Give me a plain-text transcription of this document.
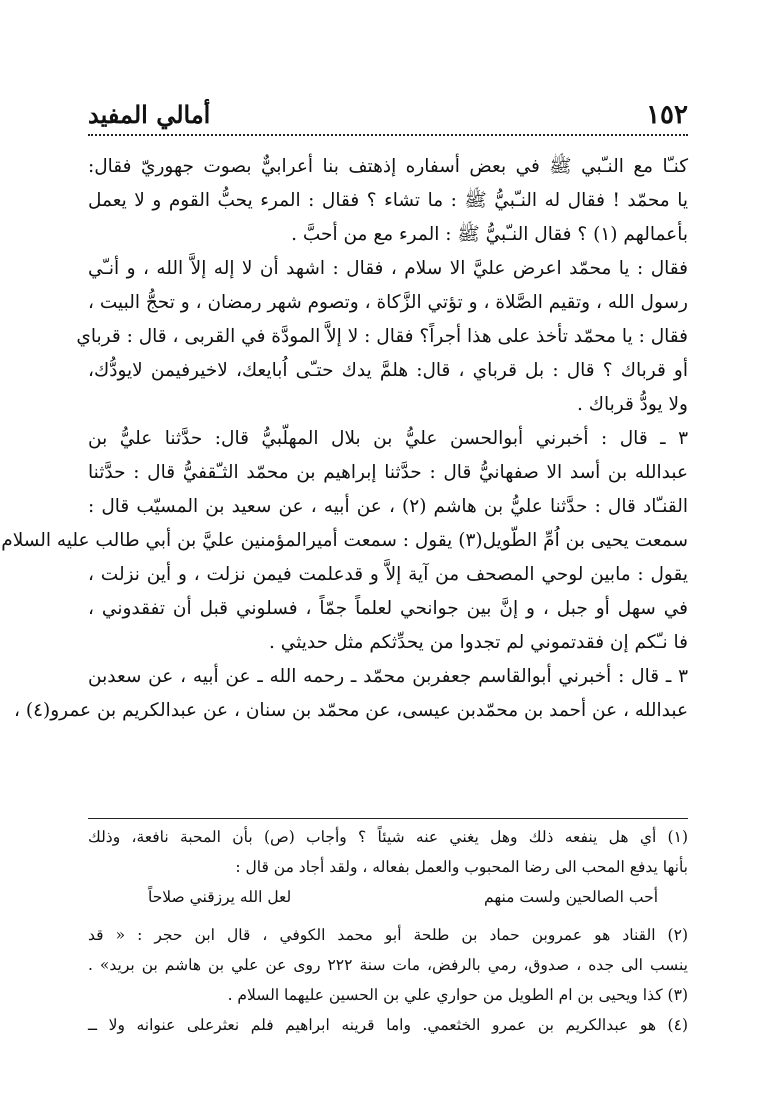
١٥٢
أمالي المفيد
كنـّا مع النـّبي ﷺ في بعض أسفاره إذهتف بنا أعرابيٌّ بصوت جهوريّ فقال:
يا محمّد ! فقال له النـّبيُّ ﷺ : ما تشاء ؟ فقال : المرء يحبُّ القوم و لا يعمل
بأعمالهم (١) ؟ فقال النـّبيُّ ﷺ : المرء مع من أحبَّ .
فقال : يا محمّد اعرض عليَّ الا سلام ، فقال : اشهد أن لا إله إلاَّ الله ، و أنـّي
رسول الله ، وتقيم الصَّلاة ، و تؤتي الزَّكاة ، وتصوم شهر رمضان ، و تحجُّ البيت ،
فقال : يا محمّد تأخذ على هذا أجراً؟ فقال : لا إلاَّ المودَّة في القربى ، قال : قرباي
أو قرباك ؟ قال : بل قرباي ، قال: هلمَّ يدك حتـّى اُبايعك، لاخيرفيمن لايودُّك،
ولا يودُّ قرباك .
٣ ـ قال : أخبرني أبوالحسن عليُّ بن بلال المهلّبيُّ قال: حدَّثنا عليُّ بن
عبدالله بن أسد الا صفهانيُّ قال : حدَّثنا إبراهيم بن محمّد الثـّقفيُّ قال : حدَّثنا
القنـّاد قال : حدَّثنا عليُّ بن هاشم (٢) ، عن أبيه ، عن سعيد بن المسيّب قال :
سمعت يحيى بن اُمِّ الطّويل(٣) يقول : سمعت أميرالمؤمنين عليَّ بن أبي طالب عليه السلام
يقول : مابين لوحي المصحف من آية إلاَّ و قدعلمت فيمن نزلت ، و أين نزلت ،
في سهل أو جبل ، و إنَّ بين جوانحي لعلماً جمّاً ، فسلوني قبل أن تفقدوني ،
فا نـّكم إن فقدتموني لم تجدوا من يحدِّثكم مثل حديثي .
٣ ـ قال : أخبرني أبوالقاسم جعفربن محمّد ـ رحمه الله ـ عن أبيه ، عن سعدبن
عبدالله ، عن أحمد بن محمّدبن عيسى، عن محمّد بن سنان ، عن عبدالكريم بن عمرو(٤) ،
(١) أي هل ينفعه ذلك وهل يغني عنه شيئاً ؟ وأجاب (ص) بأن المحبة نافعة، وذلك
بأنها يدفع المحب الى رضا المحبوب والعمل بفعاله ، ولقد أجاد من قال :
أحب الصالحين ولست منهم
لعل الله يرزقني صلاحاً
(٢) القناد هو عمروبن حماد بن طلحة أبو محمد الكوفي ، قال ابن حجر : « قد
ينسب الى جده ، صدوق، رمي بالرفض، مات سنة ٢٢٢ روى عن علي بن هاشم بن بريد» .
(٣) كذا ويحيى بن ام الطويل من حواري علي بن الحسين عليهما السلام .
(٤) هو عبدالكريم بن عمرو الخثعمي. واما قرينه ابراهيم فلم نعثرعلى عنوانه ولا ــ
